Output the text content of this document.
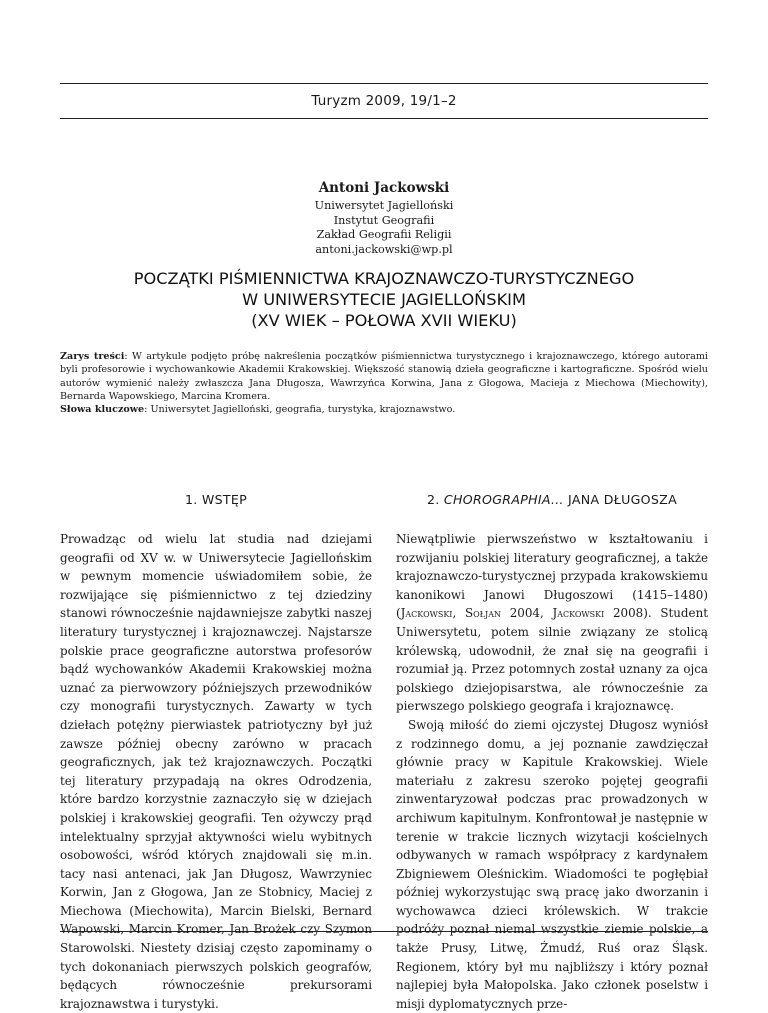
Turyzm 2009, 19/1–2
Antoni Jackowski
Uniwersytet Jagielloński
Instytut Geografii
Zakład Geografii Religii
antoni.jackowski@wp.pl
POCZĄTKI PIŚMIENNICTWA KRAJOZNAWCZO-TURYSTYCZNEGO
W UNIWERSYTECIE JAGIELLOŃSKIM
(XV WIEK – POŁOWA XVII WIEKU)
Zarys treści: W artykule podjęto próbę nakreślenia początków piśmiennictwa turystycznego i krajoznawczego, którego autorami byli profesorowie i wychowankowie Akademii Krakowskiej. Większość stanowią dzieła geograficzne i kartograficzne. Spośród wielu autorów wymienić należy zwłaszcza Jana Długosza, Wawrzyńca Korwina, Jana z Głogowa, Macieja z Miechowa (Miechowity), Bernarda Wapowskiego, Marcina Kromera.
Słowa kluczowe: Uniwersytet Jagielloński, geografia, turystyka, krajoznawstwo.
1. WSTĘP	2. CHOROGRAPHIA… JANA DŁUGOSZA

Prowadząc od wielu lat studia nad dziejami geografii od XV w. w Uniwersytecie Jagiellońskim w pewnym momencie uświadomiłem sobie, że rozwijające się piśmiennictwo z tej dziedziny stanowi równocześnie najdawniejsze zabytki naszej literatury turystycznej i krajoznawczej. Najstarsze polskie prace geograficzne autorstwa profesorów bądź wychowanków Akademii Krakowskiej można uznać za pierwowzory późniejszych przewodników czy monografii turystycznych. Zawarty w tych dziełach potężny pierwiastek patriotyczny był już zawsze później obecny zarówno w pracach geograficznych, jak też krajoznawczych. Początki tej literatury przypadają na okres Odrodzenia, które bardzo korzystnie zaznaczyło się w dziejach polskiej i krakowskiej geografii. Ten ożywczy prąd intelektualny sprzyjał aktywności wielu wybitnych osobowości, wśród których znajdowali się m.in. tacy nasi antenaci, jak Jan Długosz, Wawrzyniec Korwin, Jan z Głogowa, Jan ze Stobnicy, Maciej z Miechowa (Miechowita), Marcin Bielski, Bernard Wapowski, Marcin Kromer, Jan Brożek czy Szymon Starowolski. Niestety dzisiaj często zapominamy o tych dokonaniach pierwszych polskich geografów, będących równocześnie prekursorami krajoznawstwa i turystyki.

Niewątpliwie pierwszeństwo w kształtowaniu i rozwijaniu polskiej literatury geograficznej, a także krajoznawczo-turystycznej przypada krakowskiemu kanonikowi Janowi Długoszowi (1415–1480) (Jackowski, Sołjan 2004, Jackowski 2008). Student Uniwersytetu, potem silnie związany ze stolicą królewską, udowodnił, że znał się na geografii i rozumiał ją. Przez potomnych został uznany za ojca polskiego dziejopisarstwa, ale równocześnie za pierwszego polskiego geografa i krajoznawcę.

Swoją miłość do ziemi ojczystej Długosz wyniósł z rodzinnego domu, a jej poznanie zawdzięczał głównie pracy w Kapitule Krakowskiej. Wiele materiału z zakresu szeroko pojętej geografii zinwentaryzował podczas prac prowadzonych w archiwum kapitulnym. Konfrontował je następnie w terenie w trakcie licznych wizytacji kościelnych odbywanych w ramach współpracy z kardynałem Zbigniewem Oleśnickim. Wiadomości te pogłębiał później wykorzystując swą pracę jako dworzanin i wychowawca dzieci królewskich. W trakcie podróży poznał niemal wszystkie ziemie polskie, a także Prusy, Litwę, Żmudź, Ruś oraz Śląsk. Regionem, który był mu najbliższy i który poznał najlepiej była Małopolska. Jako członek poselstw i misji dyplomatycznych prze-
